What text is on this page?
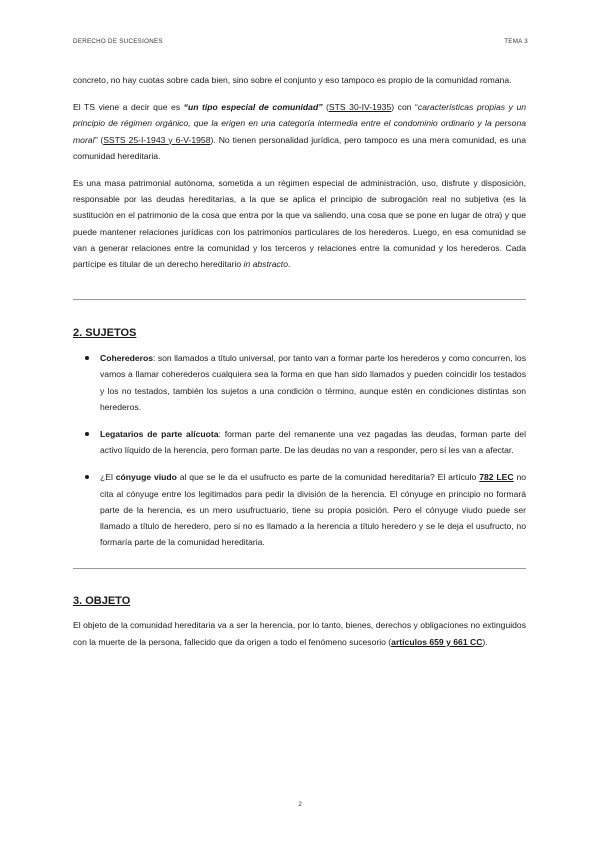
DERECHO DE SUCESIONES	TEMA 3

concreto, no hay cuotas sobre cada bien, sino sobre el conjunto y eso tampoco es propio de la comunidad romana.

El TS viene a decir que es “un tipo especial de comunidad” (STS 30-IV-1935) con “características propias y un principio de régimen orgánico, que la erigen en una categoría intermedia entre el condominio ordinario y la persona moral” (SSTS 25-I-1943 y 6-V-1958). No tienen personalidad jurídica, pero tampoco es una mera comunidad, es una comunidad hereditaria.

Es una masa patrimonial autónoma, sometida a un régimen especial de administración, uso, disfrute y disposición, responsable por las deudas hereditarias, a la que se aplica el principio de subrogación real no subjetiva (es la sustitución en el patrimonio de la cosa que entra por la que va saliendo, una cosa que se pone en lugar de otra) y que puede mantener relaciones jurídicas con los patrimonios particulares de los herederos. Luego, en esa comunidad se van a generar relaciones entre la comunidad y los terceros y relaciones entre la comunidad y los herederos. Cada partícipe es titular de un derecho hereditario in abstracto.

2. SUJETOS
Coherederos: son llamados a título universal, por tanto van a formar parte los herederos y como concurren, los vamos a llamar coherederos cualquiera sea la forma en que han sido llamados y pueden coincidir los testados y los no testados, también los sujetos a una condición o término, aunque estén en condiciones distintas son herederos.
Legatarios de parte alícuota: forman parte del remanente una vez pagadas las deudas, forman parte del activo líquido de la herencia, pero forman parte. De las deudas no van a responder, pero sí les van a afectar.
¿El cónyuge viudo al que se le da el usufructo es parte de la comunidad hereditaria? El artículo 782 LEC no cita al cónyuge entre los legitimados para pedir la división de la herencia. El cónyuge en principio no formará parte de la herencia, es un mero usufructuario, tiene su propia posición. Pero el cónyuge viudo puede ser llamado a título de heredero, pero si no es llamado a la herencia a título heredero y se le deja el usufructo, no formaría parte de la comunidad hereditaria.
3. OBJETO

El objeto de la comunidad hereditaria va a ser la herencia, por lo tanto, bienes, derechos y obligaciones no extinguidos con la muerte de la persona, fallecido que da origen a todo el fenómeno sucesorio (artículos 659 y 661 CC).

2
